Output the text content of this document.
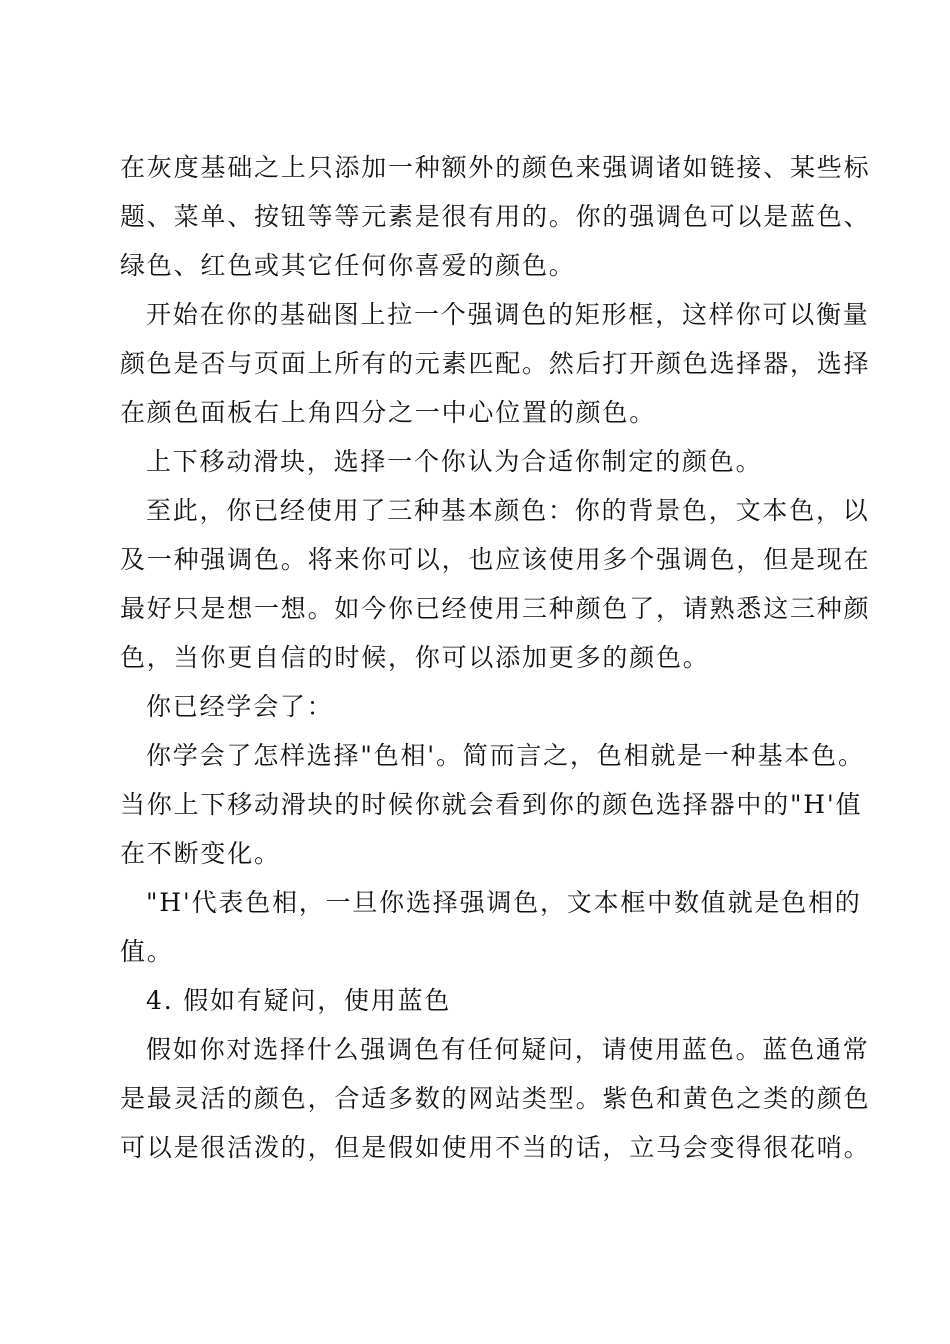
在灰度基础之上只添加一种额外的颜色来强调诸如链接、某些标
题、菜单、按钮等等元素是很有用的。你的强调色可以是蓝色、
绿色、红色或其它任何你喜爱的颜色。
开始在你的基础图上拉一个强调色的矩形框，这样你可以衡量
颜色是否与页面上所有的元素匹配。然后打开颜色选择器，选择
在颜色面板右上角四分之一中心位置的颜色。
上下移动滑块，选择一个你认为合适你制定的颜色。
至此，你已经使用了三种基本颜色：你的背景色，文本色，以
及一种强调色。将来你可以，也应该使用多个强调色，但是现在
最好只是想一想。如今你已经使用三种颜色了，请熟悉这三种颜
色，当你更自信的时候，你可以添加更多的颜色。
你已经学会了：
你学会了怎样选择"色相'。简而言之，色相就是一种基本色。
当你上下移动滑块的时候你就会看到你的颜色选择器中的"H'值
在不断变化。
"H'代表色相，一旦你选择强调色，文本框中数值就是色相的
值。
4. 假如有疑问，使用蓝色
假如你对选择什么强调色有任何疑问，请使用蓝色。蓝色通常
是最灵活的颜色，合适多数的网站类型。紫色和黄色之类的颜色
可以是很活泼的，但是假如使用不当的话，立马会变得很花哨。
